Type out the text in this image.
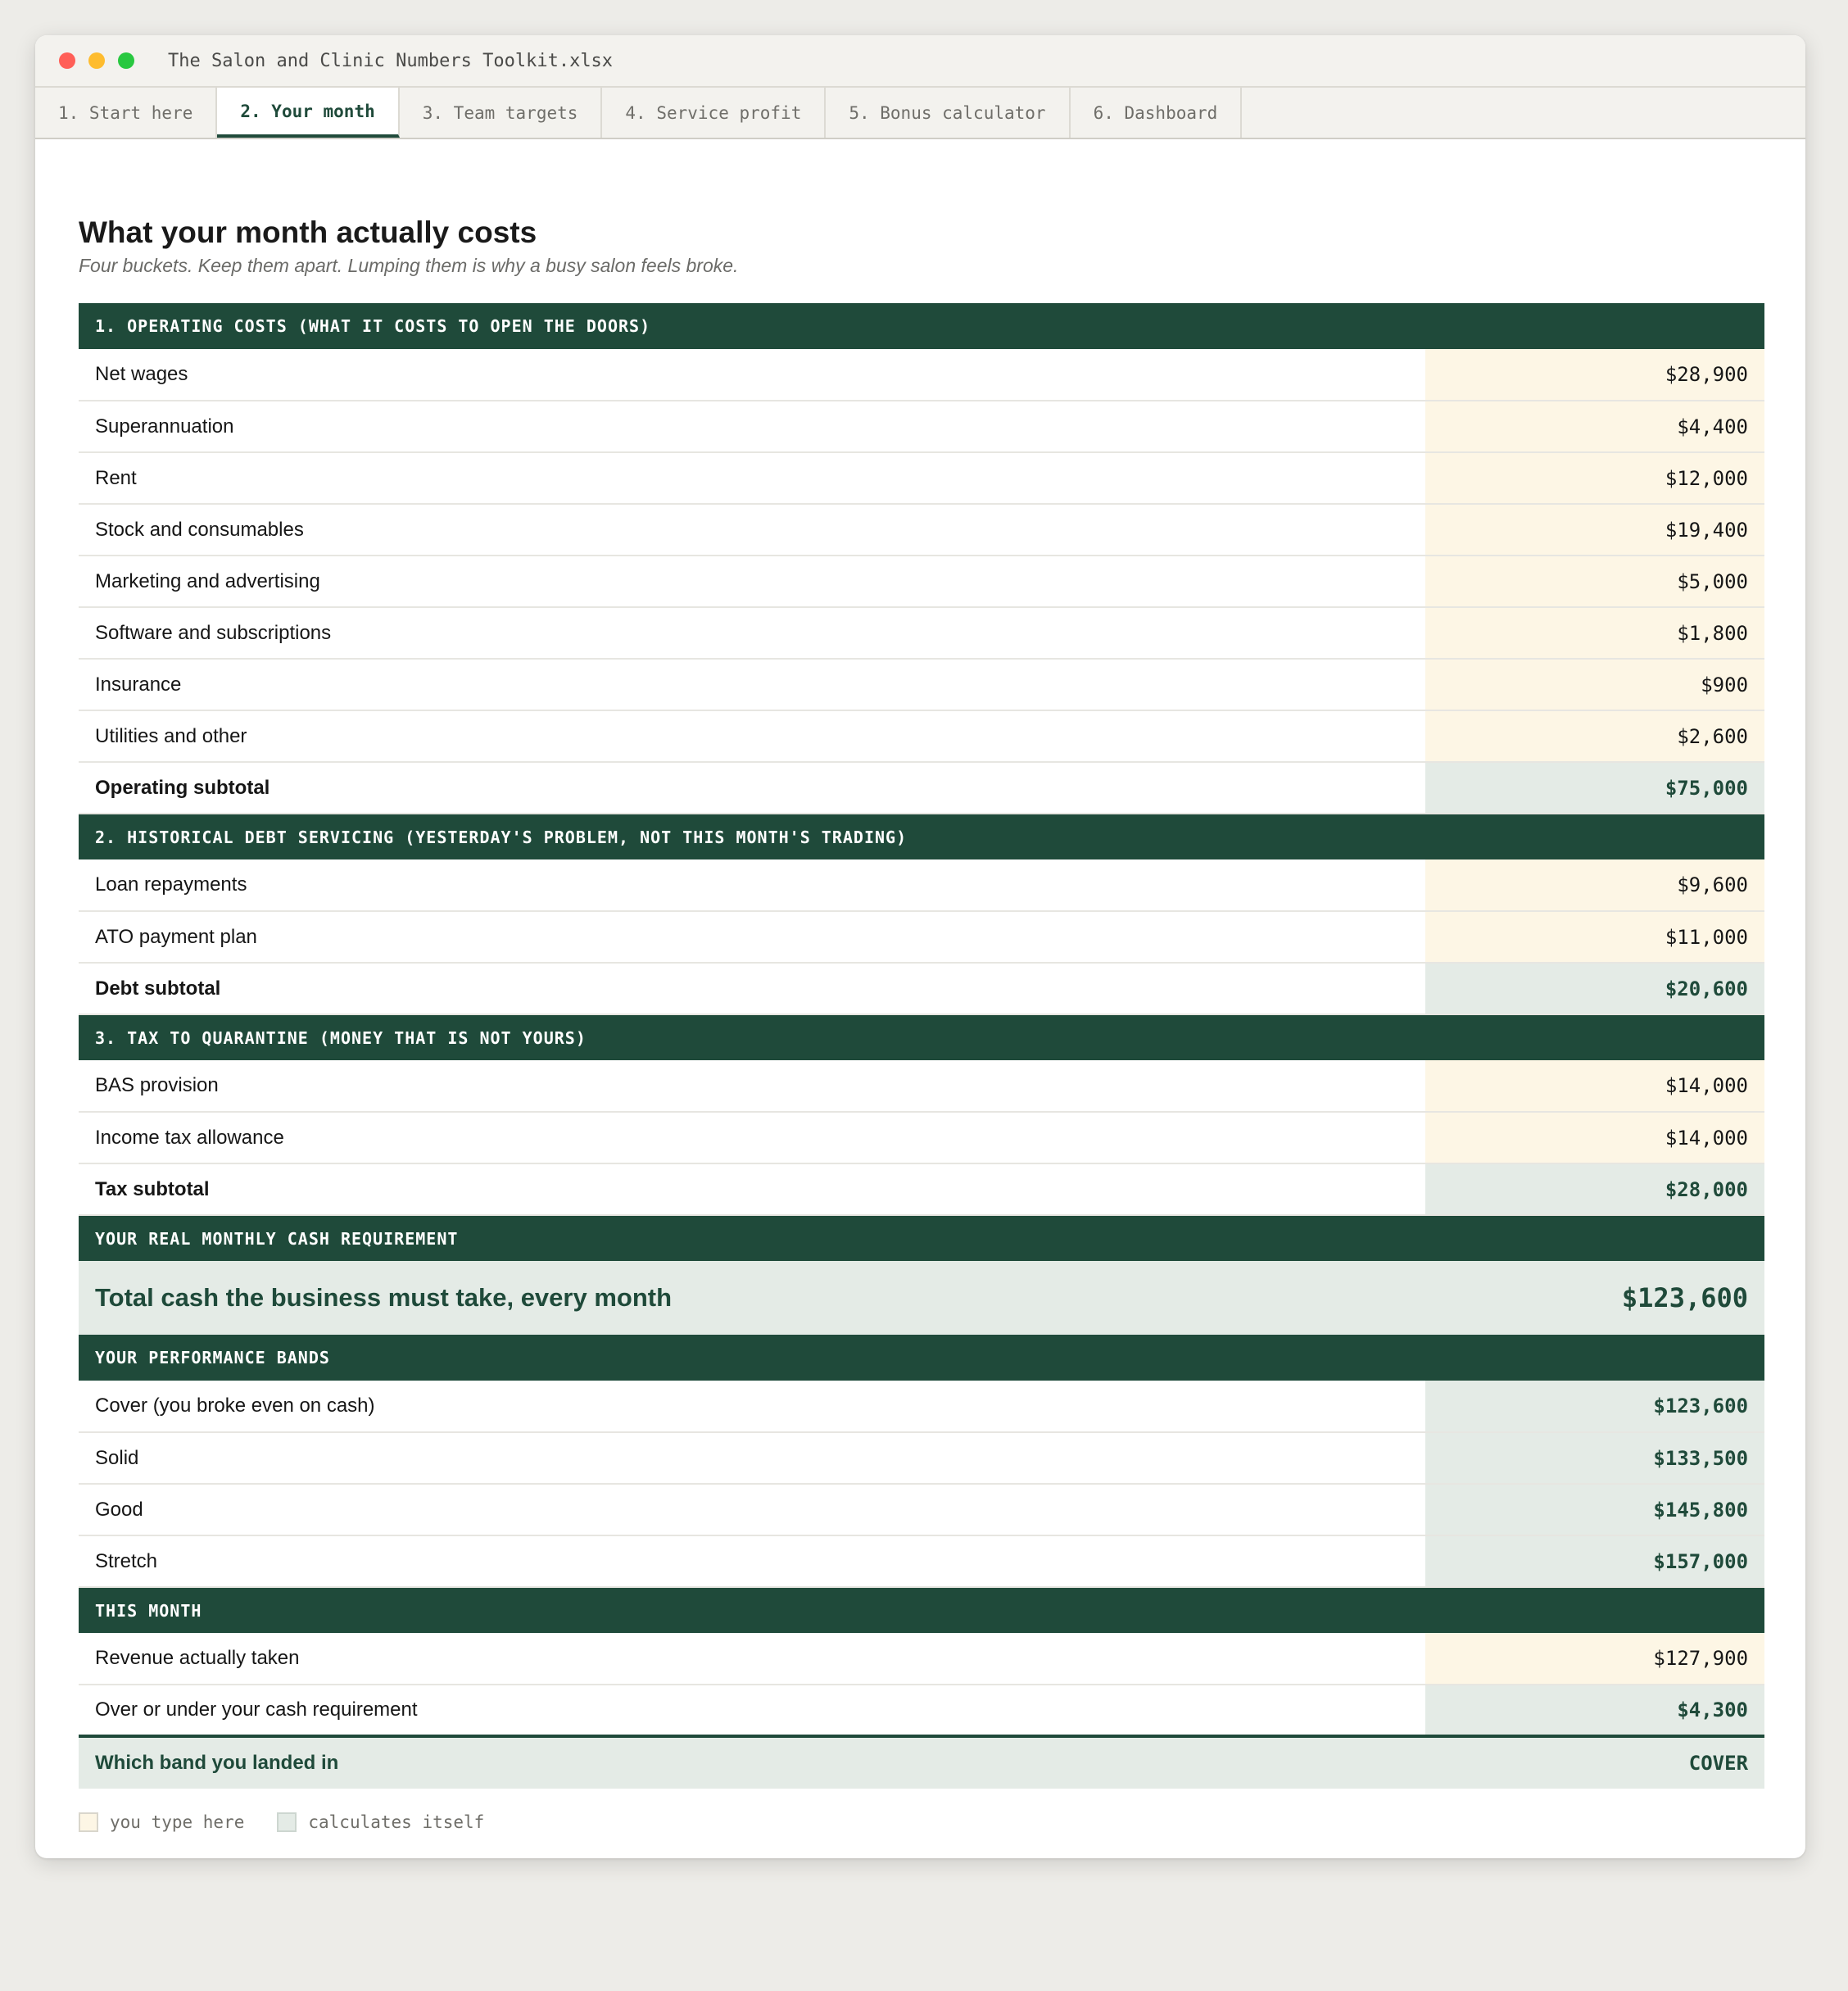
The Salon and Clinic Numbers Toolkit.xlsx
1. Start here	2. Your month	3. Team targets	4. Service profit	5. Bonus calculator	6. Dashboard
What your month actually costs
Four buckets. Keep them apart. Lumping them is why a busy salon feels broke.
1. OPERATING COSTS (WHAT IT COSTS TO OPEN THE DOORS)	
Net wages	$28,900
Superannuation	$4,400
Rent	$12,000
Stock and consumables	$19,400
Marketing and advertising	$5,000
Software and subscriptions	$1,800
Insurance	$900
Utilities and other	$2,600
Operating subtotal	$75,000
2. HISTORICAL DEBT SERVICING (YESTERDAY'S PROBLEM, NOT THIS MONTH'S TRADING)	
Loan repayments	$9,600
ATO payment plan	$11,000
Debt subtotal	$20,600
3. TAX TO QUARANTINE (MONEY THAT IS NOT YOURS)	
BAS provision	$14,000
Income tax allowance	$14,000
Tax subtotal	$28,000
YOUR REAL MONTHLY CASH REQUIREMENT	
Total cash the business must take, every month	$123,600
YOUR PERFORMANCE BANDS	
Cover (you broke even on cash)	$123,600
Solid	$133,500
Good	$145,800
Stretch	$157,000
THIS MONTH	
Revenue actually taken	$127,900
Over or under your cash requirement	$4,300
Which band you landed in	COVER
you type here	calculates itself
